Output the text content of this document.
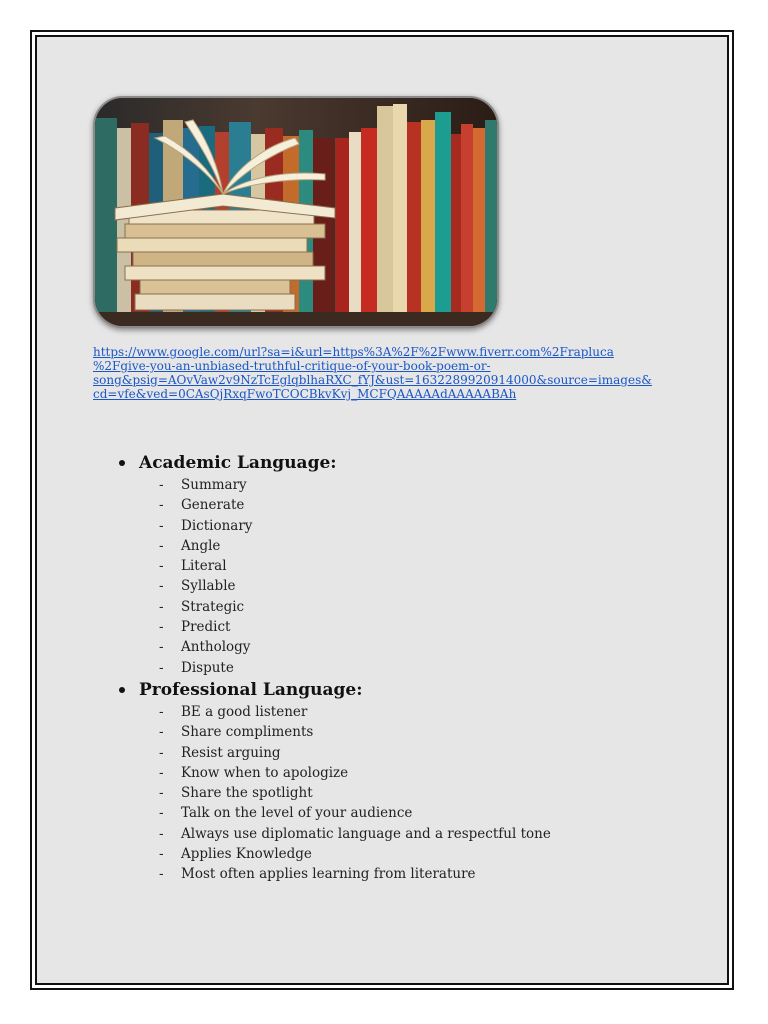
https://www.google.com/url?sa=i&url=https%3A%2F%2Fwww.fiverr.com%2Frapluca
%2Fgive-you-an-unbiased-truthful-critique-of-your-book-poem-or-
song&psig=AOvVaw2v9NzTcEglqblhaRXC_fYJ&ust=1632289920914000&source=images&
cd=vfe&ved=0CAsQjRxqFwoTCOCBkvKvj_MCFQAAAAAdAAAAABAh
Academic Language:
-	Summary
-	Generate
-	Dictionary
-	Angle
-	Literal
-	Syllable
-	Strategic
-	Predict
-	Anthology
-	Dispute
Professional Language:
-	BE a good listener
-	Share compliments
-	Resist arguing
-	Know when to apologize
-	Share the spotlight
-	Talk on the level of your audience
-	Always use diplomatic language and a respectful tone
-	Applies Knowledge
-	Most often applies learning from literature
